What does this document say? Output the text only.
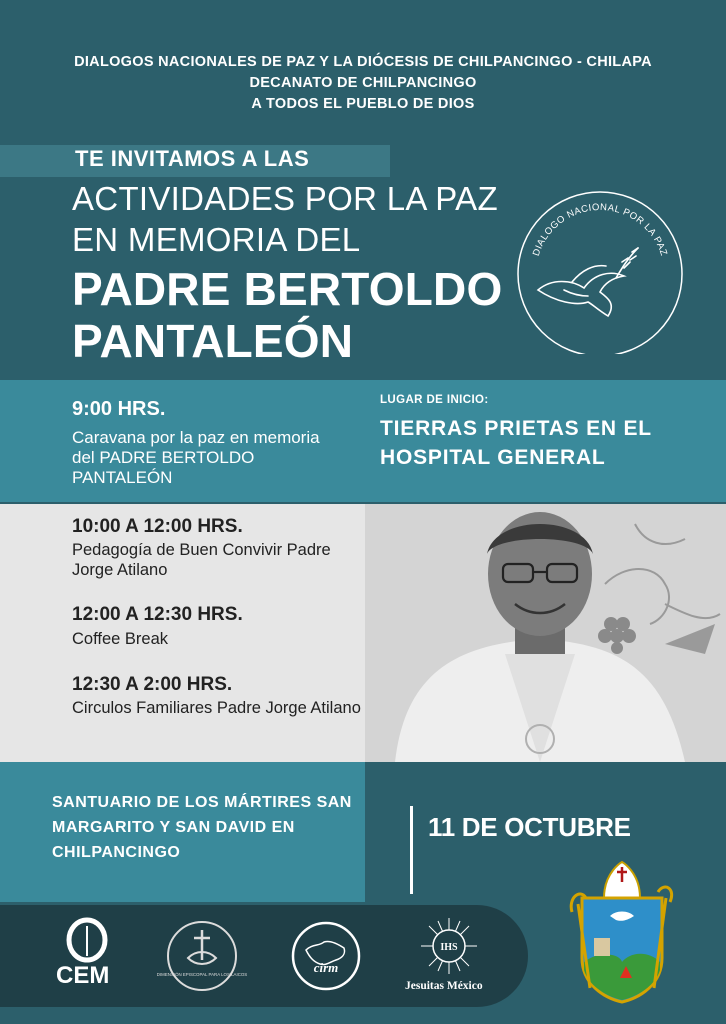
DIALOGOS NACIONALES DE PAZ Y LA DIÓCESIS DE CHILPANCINGO - CHILAPA
DECANATO DE CHILPANCINGO
A TODOS EL PUEBLO DE DIOS
TE INVITAMOS A LAS
ACTIVIDADES POR LA PAZ
EN MEMORIA DEL
PADRE BERTOLDO
PANTALEÓN
DIALOGO NACIONAL POR LA PAZ
9:00 HRS.
Caravana por la paz en memoria del PADRE BERTOLDO PANTALEÓN
LUGAR DE INICIO:
TIERRAS PRIETAS EN EL HOSPITAL GENERAL
10:00 A 12:00 HRS.
Pedagogía de Buen Convivir Padre Jorge Atilano
12:00 A 12:30 HRS.
Coffee Break
12:30 A 2:00 HRS.
Circulos Familiares Padre Jorge Atilano
SANTUARIO DE LOS MÁRTIRES SAN MARGARITO Y SAN DAVID EN CHILPANCINGO
11 DE OCTUBRE
CEM	DIMENSIÓN EPISCOPAL PARA LOS LAICOS	cirm
IHS
Jesuitas México
